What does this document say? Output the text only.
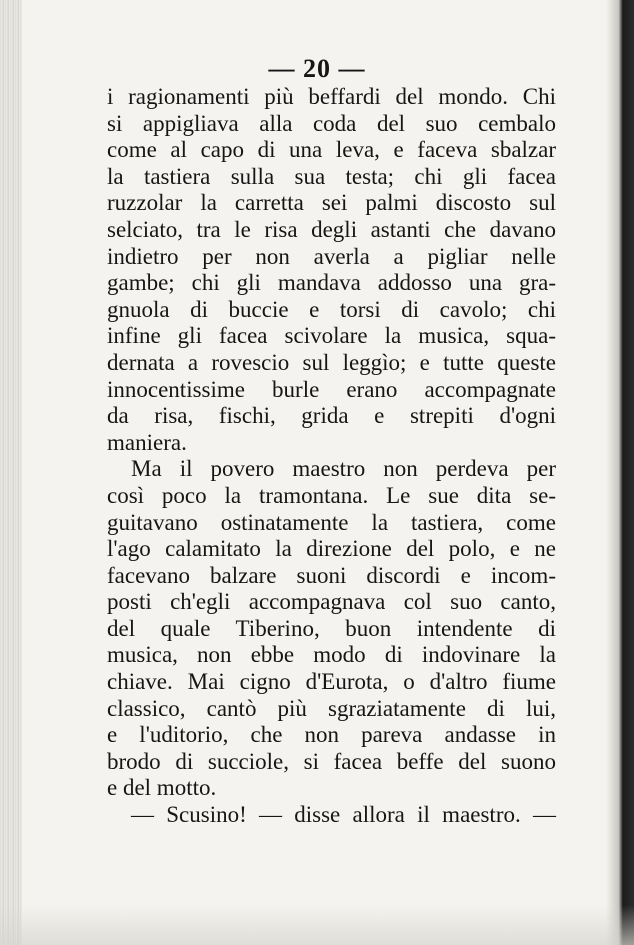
— 20 —
i ragionamenti più beffardi del mondo. Chi
si appigliava alla coda del suo cembalo
come al capo di una leva, e faceva sbalzar
la tastiera sulla sua testa; chi gli facea
ruzzolar la carretta sei palmi discosto sul
selciato, tra le risa degli astanti che davano
indietro per non averla a pigliar nelle
gambe; chi gli mandava addosso una gra-
gnuola di buccie e torsi di cavolo; chi
infine gli facea scivolare la musica, squa-
dernata a rovescio sul leggìo; e tutte queste
innocentissime burle erano accompagnate
da risa, fischi, grida e strepiti d'ogni
maniera.
Ma il povero maestro non perdeva per
così poco la tramontana. Le sue dita se-
guitavano ostinatamente la tastiera, come
l'ago calamitato la direzione del polo, e ne
facevano balzare suoni discordi e incom-
posti ch'egli accompagnava col suo canto,
del quale Tiberino, buon intendente di
musica, non ebbe modo di indovinare la
chiave. Mai cigno d'Eurota, o d'altro fiume
classico, cantò più sgraziatamente di lui,
e l'uditorio, che non pareva andasse in
brodo di succiole, si facea beffe del suono
e del motto.
— Scusino! — disse allora il maestro. —
